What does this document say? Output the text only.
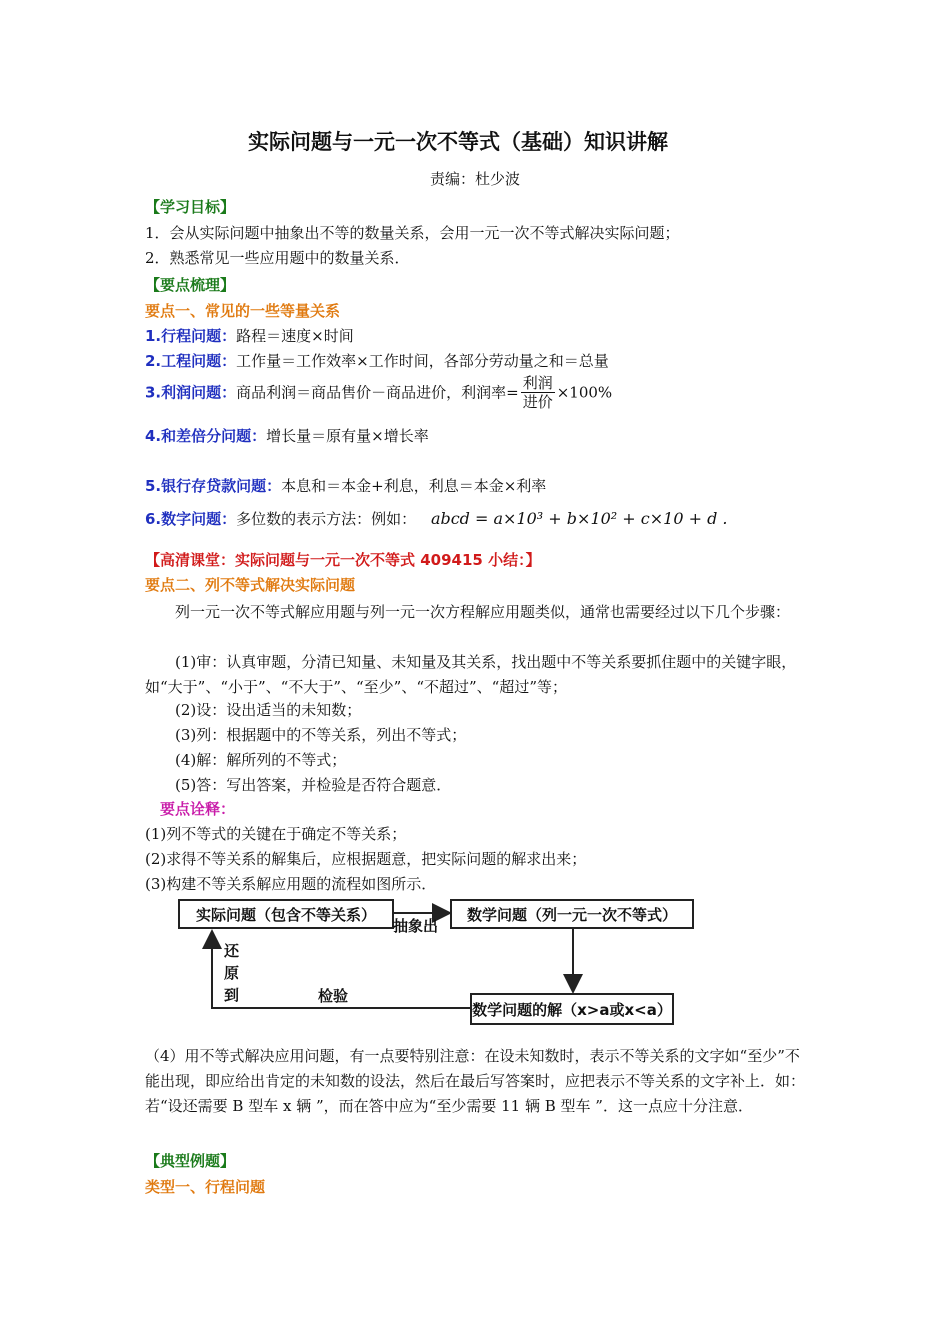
实际问题与一元一次不等式（基础）知识讲解
责编：杜少波
【学习目标】
1．会从实际问题中抽象出不等的数量关系，会用一元一次不等式解决实际问题；
2．熟悉常见一些应用题中的数量关系．
【要点梳理】
要点一、常见的一些等量关系
1.行程问题：路程＝速度×时间
2.工程问题：工作量＝工作效率×工作时间，各部分劳动量之和＝总量
3.利润问题：商品利润＝商品售价－商品进价，利润率= $\frac{\text{利润}}{\text{进价}} \times 100\%$
4.和差倍分问题：增长量＝原有量×增长率
5.银行存贷款问题：本息和＝本金+利息，利息＝本金×利率
6.数字问题：多位数的表示方法：例如： abcd = a×10³ + b×10² + c×10 + d .
【高清课堂：实际问题与一元一次不等式 409415 小结：】
要点二、列不等式解决实际问题
列一元一次不等式解应用题与列一元一次方程解应用题类似，通常也需要经过以下几个步骤：
(1)审：认真审题，分清已知量、未知量及其关系，找出题中不等关系要抓住题中的关键字眼，如“大于”、“小于”、“不大于”、“至少”、“不超过”、“超过”等；
(2)设：设出适当的未知数；
(3)列：根据题中的不等关系，列出不等式；
(4)解：解所列的不等式；
(5)答：写出答案，并检验是否符合题意．
要点诠释：
(1)列不等式的关键在于确定不等关系；
(2)求得不等关系的解集后，应根据题意，把实际问题的解求出来；
(3)构建不等关系解应用题的流程如图所示．
实际问题（包含不等关系）	数学问题（列一元一次不等式）
数学问题的解（x>a或x<a）
抽象出
还原到	检验
（4）用不等式解决应用问题，有一点要特别注意：在设未知数时，表示不等关系的文字如“至少”不能出现，即应给出肯定的未知数的设法，然后在最后写答案时，应把表示不等关系的文字补上．如：若“设还需要 B 型车 x 辆 ”，而在答中应为“至少需要 11 辆 B 型车 ”．这一点应十分注意．
【典型例题】
类型一、行程问题
